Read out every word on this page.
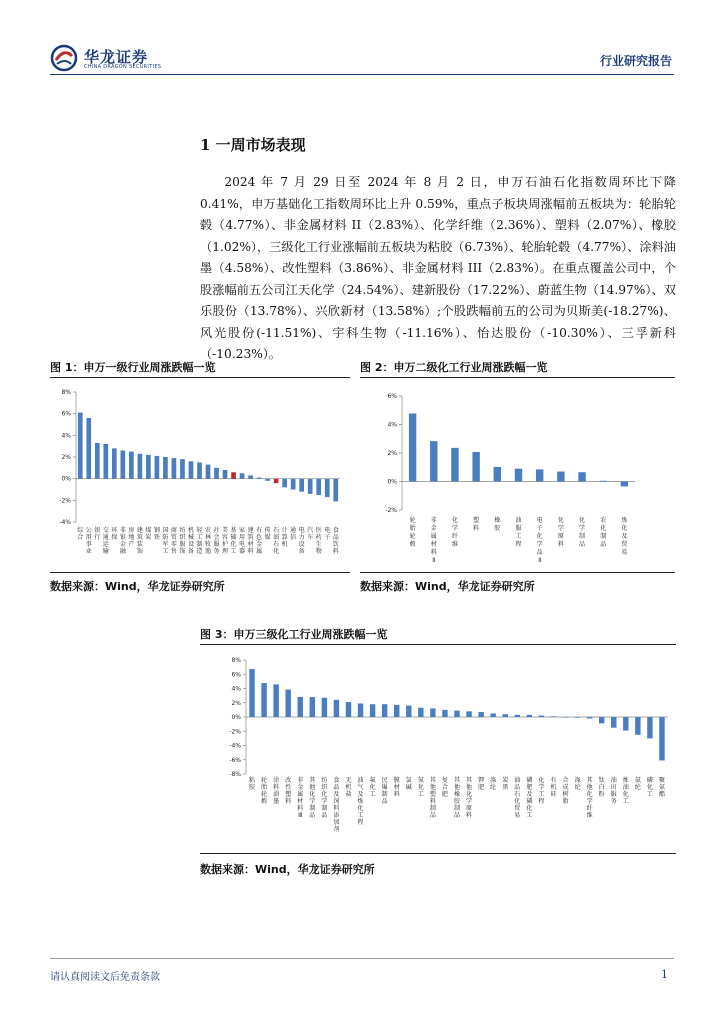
华龙证券
CHINA DRAGON SECURITIES	行业研究报告
1 一周市场表现

2024 年 7 月 29 日至 2024 年 8 月 2 日，申万石油石化指数周环比下降 0.41%，申万基础化工指数周环比上升 0.59%，重点子板块周涨幅前五板块为：轮胎轮毂（4.77%）、非金属材料 II（2.83%）、化学纤维（2.36%）、塑料（2.07%）、橡胶（1.02%），三级化工行业涨幅前五板块为粘胶（6.73%）、轮胎轮毂（4.77%）、涂料油墨（4.58%）、改性塑料（3.86%）、非金属材料 III（2.83%）。在重点覆盖公司中，个股涨幅前五公司江天化学（24.54%）、建新股份（17.22%）、蔚蓝生物（14.97%）、双乐股份（13.78%）、兴欣新材（13.58%）;个股跌幅前五的公司为贝斯美(-18.27%)、风光股份(-11.51%)、宇科生物（-11.16%）、怡达股份（-10.30%）、三孚新科（-10.23%）。

图 1：申万一级行业周涨跌幅一览
8%
6%
4%
2%
0%
-2%
-4%
综合
公用事业
银行
交通运输
环保
非银金融
房地产
建筑装饰
煤炭
钢铁
国防军工
商贸零售
纺织服饰
机械设备
轻工制造
农林牧渔
社会服务
美容护理
基础化工
家用电器
建筑材料
有色金属
传媒
石油石化
计算机
通信
电力设备
汽车
医药生物
电子
食品饮料
数据来源：Wind，华龙证券研究所
图 2：申万二级化工行业周涨跌幅一览
6%
4%
2%
0%
-2%
轮胎轮毂
非金属材料 Ⅱ
化学纤维
塑料
橡胶
油服工程
电子化学品 Ⅱ
化学原料
化学制品
农化制品
炼化及贸易
数据来源：Wind，华龙证券研究所
图 3：申万三级化工行业周涨跌幅一览
8%
6%
4%
2%
0%
-2%
-4%
-6%
-8%
粘胶
轮胎轮毂
涂料油墨
改性塑料
非金属材料 Ⅲ
其他化学制品
纺织化学制品
食品及饲料添加剂
无机盐
油气及炼化工程
氟化工
民爆制品
膜材料
氯碱
氮化工
其他塑料制品
复合肥
其他橡胶制品
其他化学原料
钾肥
涤纶
炭黑
油品石化贸易
磷肥及磷化工
化学工程
有机硅
合成树脂
涤纶
其他化学纤维
钛白粉
油田服务
炼油化工
氨纶
磷化工
聚氨酯
数据来源：Wind，华龙证券研究所
请认真阅读文后免责条款	1
